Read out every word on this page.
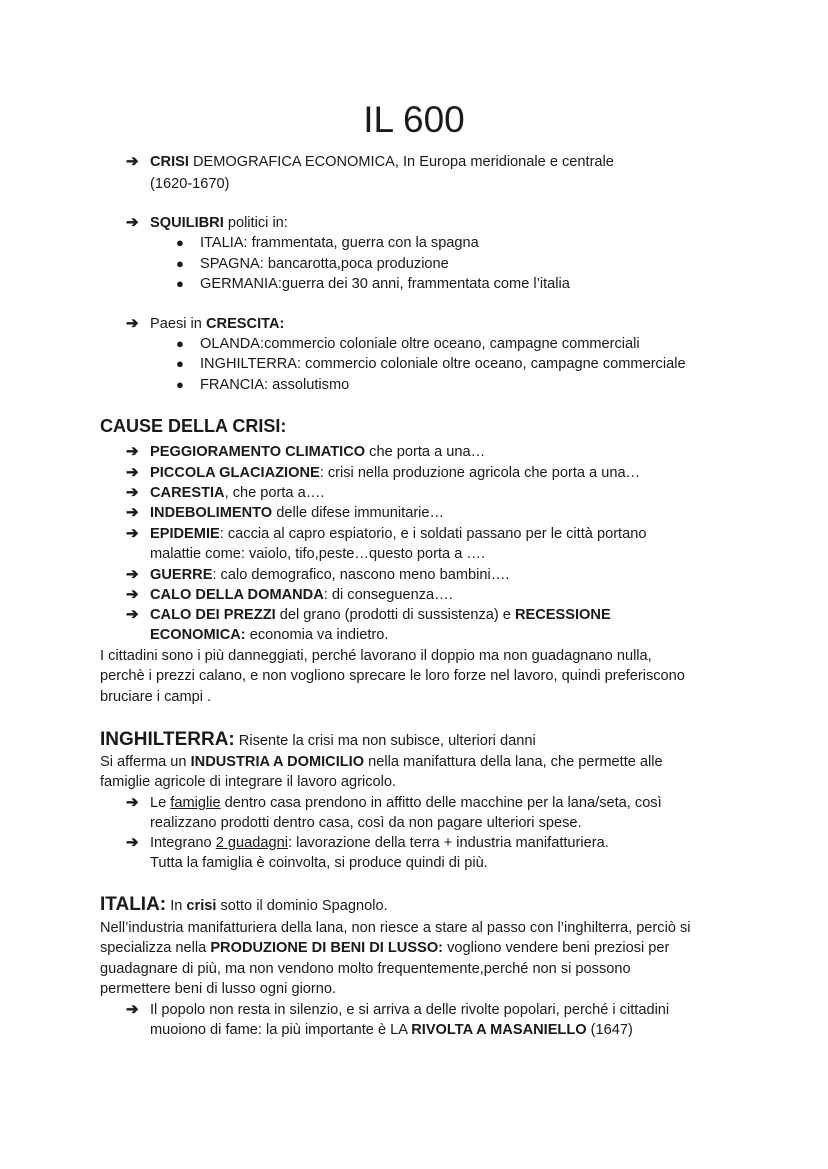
IL 600
➔ CRISI DEMOGRAFICA ECONOMICA, In Europa meridionale e centrale
(1620-1670)
➔ SQUILIBRI politici in:
● ITALIA: frammentata, guerra con la spagna
● SPAGNA: bancarotta,poca produzione
● GERMANIA:guerra dei 30 anni, frammentata come l’italia
➔ Paesi in CRESCITA:
● OLANDA:commercio coloniale oltre oceano, campagne commerciali
● INGHILTERRA: commercio coloniale oltre oceano, campagne commerciale
● FRANCIA: assolutismo
CAUSE DELLA CRISI:
➔ PEGGIORAMENTO CLIMATICO che porta a una…
➔ PICCOLA GLACIAZIONE: crisi nella produzione agricola che porta a una…
➔ CARESTIA, che porta a….
➔ INDEBOLIMENTO delle difese immunitarie…
➔ EPIDEMIE: caccia al capro espiatorio, e i soldati passano per le città portano
malattie come: vaiolo, tifo,peste…questo porta a ….
➔ GUERRE: calo demografico, nascono meno bambini….
➔ CALO DELLA DOMANDA: di conseguenza….
➔ CALO DEI PREZZI del grano (prodotti di sussistenza) e RECESSIONE
ECONOMICA: economia va indietro.
I cittadini sono i più danneggiati, perché lavorano il doppio ma non guadagnano nulla,
perchè i prezzi calano, e non vogliono sprecare le loro forze nel lavoro, quindi preferiscono
bruciare i campi .
INGHILTERRA: Risente la crisi ma non subisce, ulteriori danni
Si afferma un INDUSTRIA A DOMICILIO nella manifattura della lana, che permette alle
famiglie agricole di integrare il lavoro agricolo.
➔ Le famiglie dentro casa prendono in affitto delle macchine per la lana/seta, così
realizzano prodotti dentro casa, così da non pagare ulteriori spese.
➔ Integrano 2 guadagni: lavorazione della terra + industria manifatturiera.
Tutta la famiglia è coinvolta, si produce quindi di più.
ITALIA: In crisi sotto il dominio Spagnolo.
Nell’industria manifatturiera della lana, non riesce a stare al passo con l’inghilterra, perciò si
specializza nella PRODUZIONE DI BENI DI LUSSO: vogliono vendere beni preziosi per
guadagnare di più, ma non vendono molto frequentemente,perché non si possono
permettere beni di lusso ogni giorno.
➔ Il popolo non resta in silenzio, e si arriva a delle rivolte popolari, perché i cittadini
muoiono di fame: la più importante è LA RIVOLTA A MASANIELLO (1647)
